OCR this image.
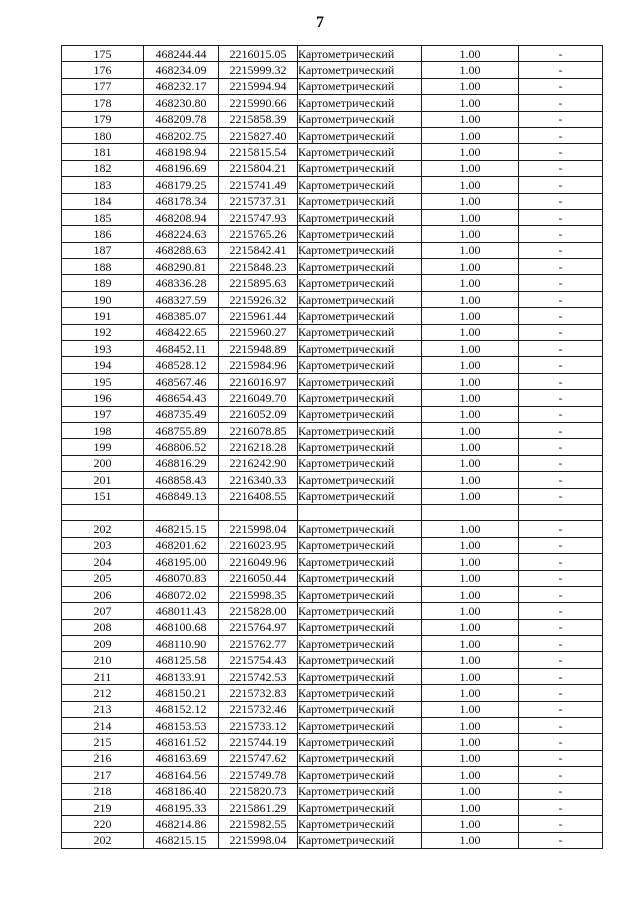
7
175	468244.44	2216015.05	Картометрический	1.00	-
176	468234.09	2215999.32	Картометрический	1.00	-
177	468232.17	2215994.94	Картометрический	1.00	-
178	468230.80	2215990.66	Картометрический	1.00	-
179	468209.78	2215858.39	Картометрический	1.00	-
180	468202.75	2215827.40	Картометрический	1.00	-
181	468198.94	2215815.54	Картометрический	1.00	-
182	468196.69	2215804.21	Картометрический	1.00	-
183	468179.25	2215741.49	Картометрический	1.00	-
184	468178.34	2215737.31	Картометрический	1.00	-
185	468208.94	2215747.93	Картометрический	1.00	-
186	468224.63	2215765.26	Картометрический	1.00	-
187	468288.63	2215842.41	Картометрический	1.00	-
188	468290.81	2215848.23	Картометрический	1.00	-
189	468336.28	2215895.63	Картометрический	1.00	-
190	468327.59	2215926.32	Картометрический	1.00	-
191	468385.07	2215961.44	Картометрический	1.00	-
192	468422.65	2215960.27	Картометрический	1.00	-
193	468452.11	2215948.89	Картометрический	1.00	-
194	468528.12	2215984.96	Картометрический	1.00	-
195	468567.46	2216016.97	Картометрический	1.00	-
196	468654.43	2216049.70	Картометрический	1.00	-
197	468735.49	2216052.09	Картометрический	1.00	-
198	468755.89	2216078.85	Картометрический	1.00	-
199	468806.52	2216218.28	Картометрический	1.00	-
200	468816.29	2216242.90	Картометрический	1.00	-
201	468858.43	2216340.33	Картометрический	1.00	-
151	468849.13	2216408.55	Картометрический	1.00	-

202	468215.15	2215998.04	Картометрический	1.00	-
203	468201.62	2216023.95	Картометрический	1.00	-
204	468195.00	2216049.96	Картометрический	1.00	-
205	468070.83	2216050.44	Картометрический	1.00	-
206	468072.02	2215998.35	Картометрический	1.00	-
207	468011.43	2215828.00	Картометрический	1.00	-
208	468100.68	2215764.97	Картометрический	1.00	-
209	468110.90	2215762.77	Картометрический	1.00	-
210	468125.58	2215754.43	Картометрический	1.00	-
211	468133.91	2215742.53	Картометрический	1.00	-
212	468150.21	2215732.83	Картометрический	1.00	-
213	468152.12	2215732.46	Картометрический	1.00	-
214	468153.53	2215733.12	Картометрический	1.00	-
215	468161.52	2215744.19	Картометрический	1.00	-
216	468163.69	2215747.62	Картометрический	1.00	-
217	468164.56	2215749.78	Картометрический	1.00	-
218	468186.40	2215820.73	Картометрический	1.00	-
219	468195.33	2215861.29	Картометрический	1.00	-
220	468214.86	2215982.55	Картометрический	1.00	-
202	468215.15	2215998.04	Картометрический	1.00	-
